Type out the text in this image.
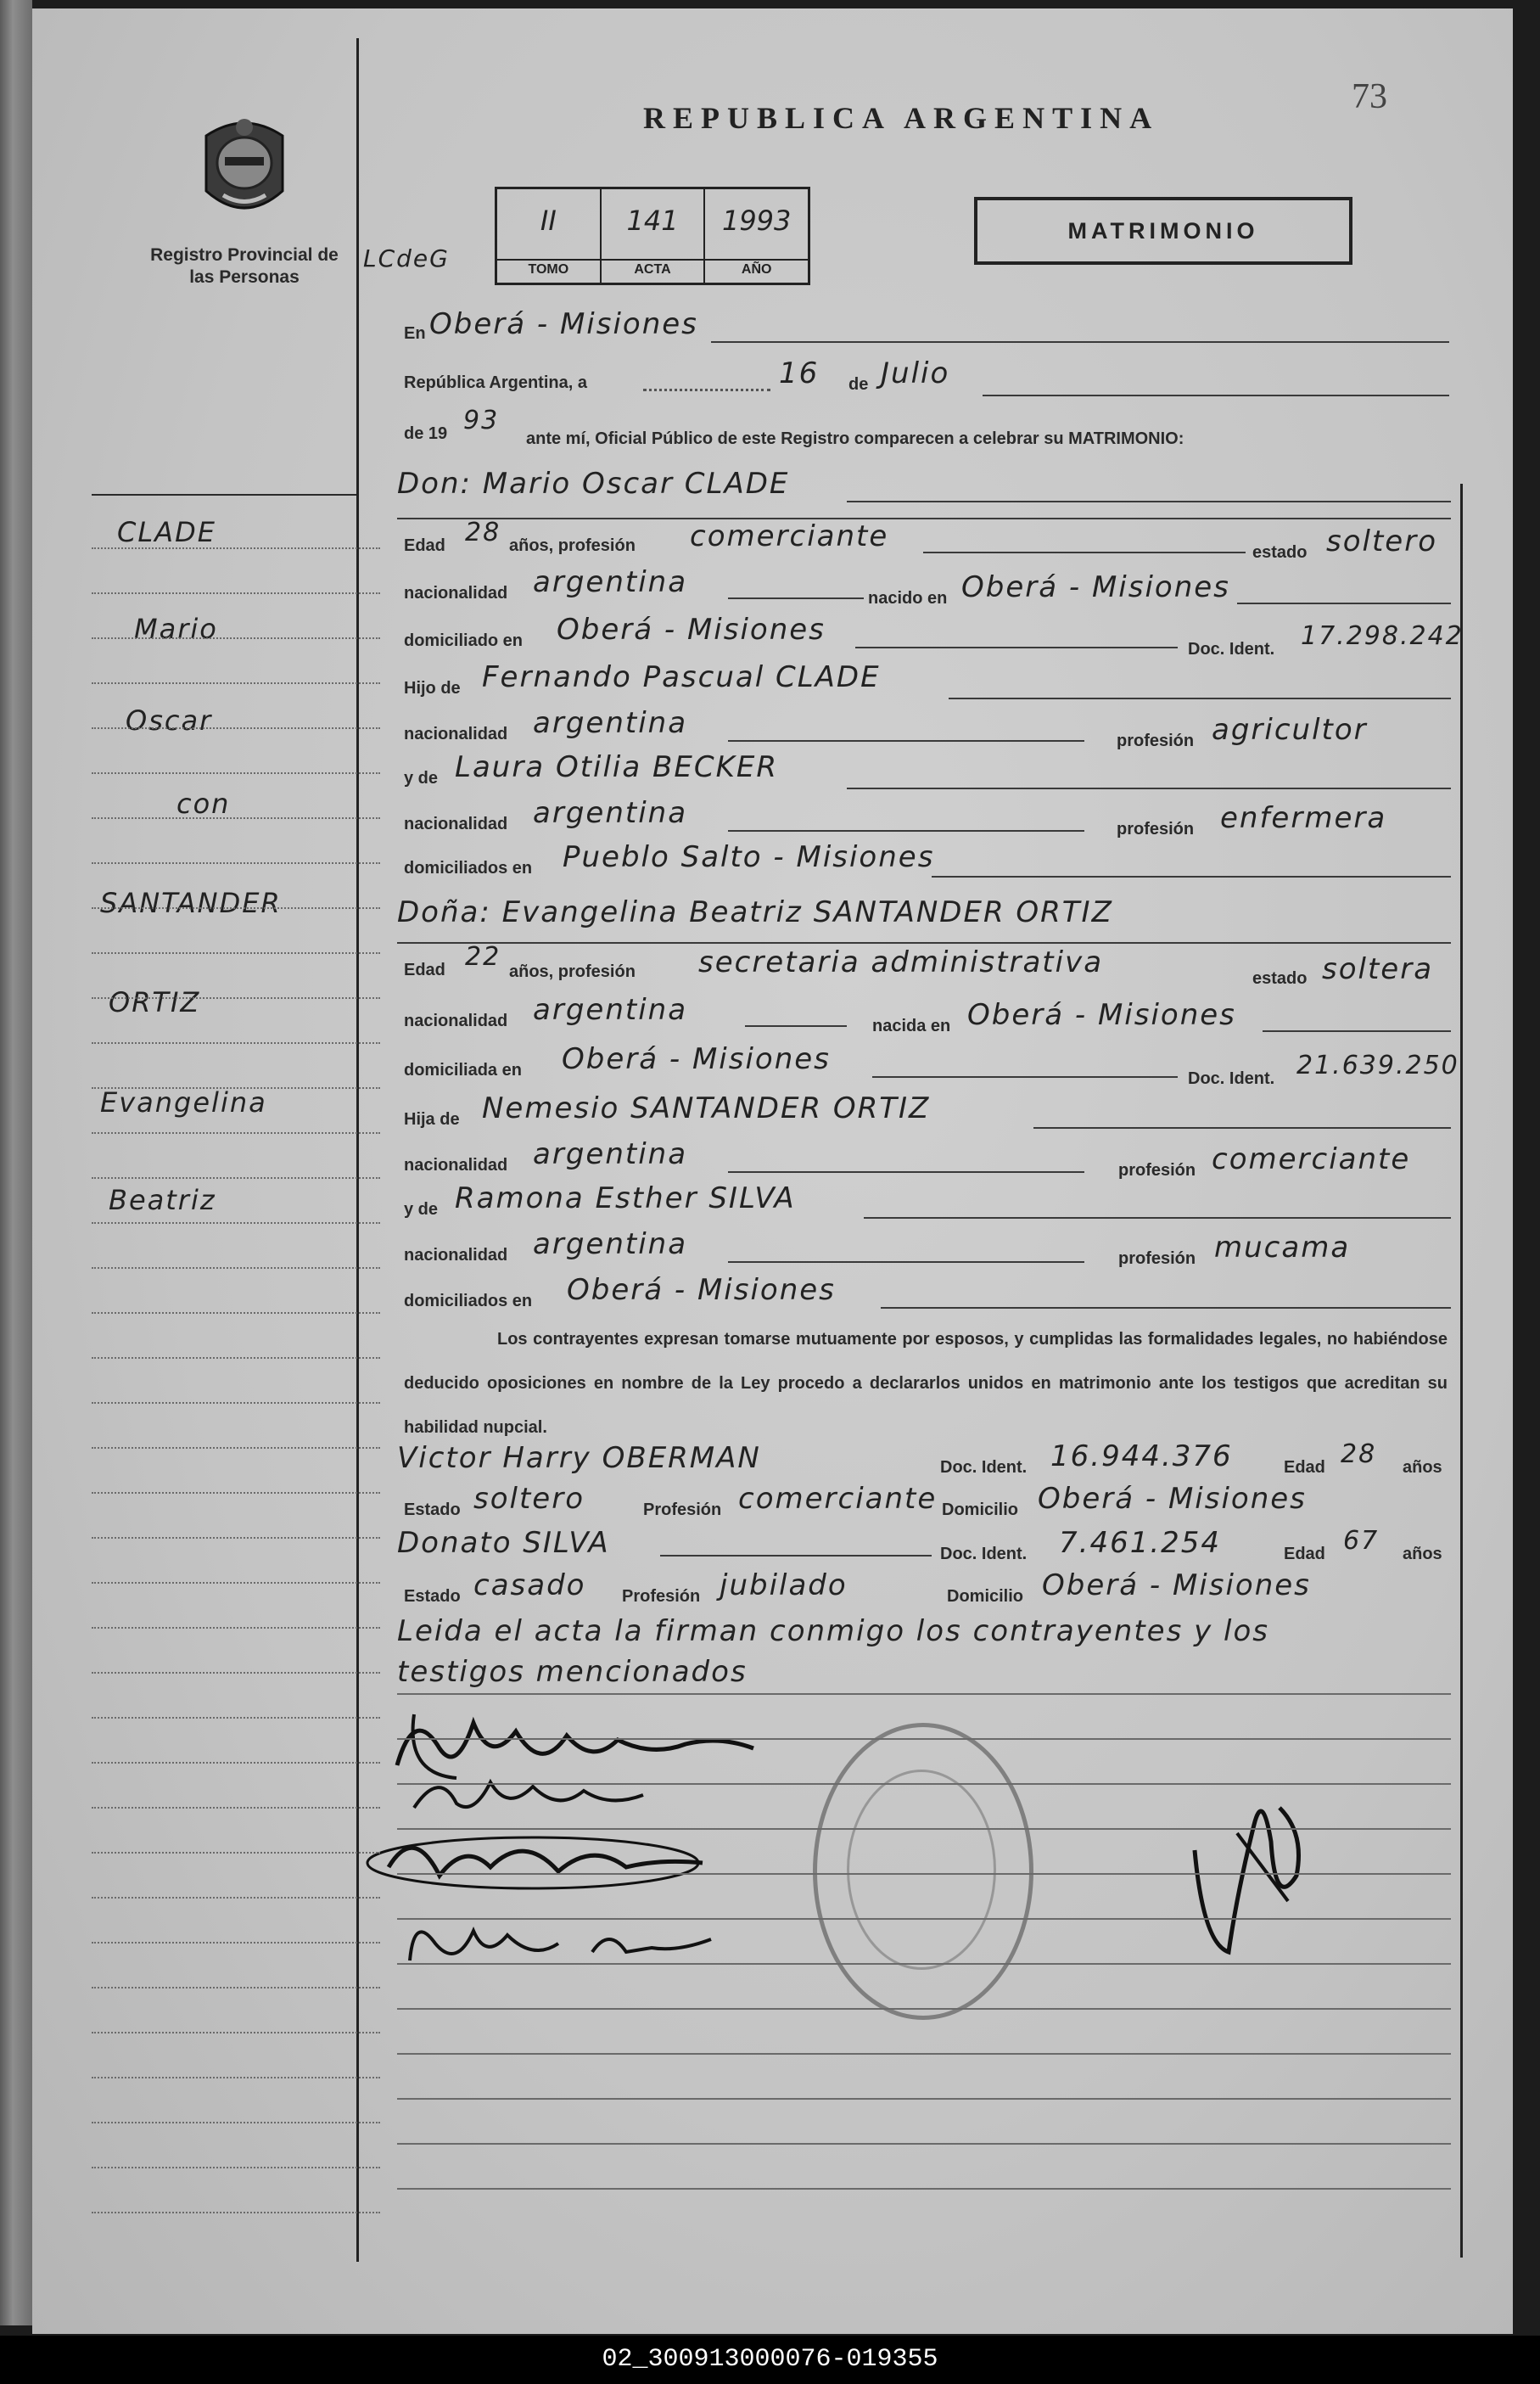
Registro Provincial de las Personas
73
REPUBLICA ARGENTINA
LCdeG
II
TOMO
141
ACTA
1993
AÑO
MATRIMONIO
En Oberá - Misiones
República Argentina, a	16 de Julio
de 19 93
ante mí, Oficial Público de este Registro comparecen a celebrar su MATRIMONIO:
Don: Mario Oscar CLADE
Edad 28 años, profesión comerciante	estado soltero
nacionalidad argentina	nacido en Oberá - Misiones
domiciliado en Oberá - Misiones
Doc. Ident. 17.298.242
Hijo de Fernando Pascual CLADE
nacionalidad argentina
profesión agricultor
y de Laura Otilia BECKER
nacionalidad argentina	profesión enfermera
domiciliados en Pueblo Salto - Misiones
Doña: Evangelina Beatriz SANTANDER ORTIZ
Edad 22 años, profesión secretaria administrativa	estado soltera
nacionalidad argentina	nacida en Oberá - Misiones
domiciliada en Oberá - Misiones
Doc. Ident. 21.639.250
Hija de Nemesio SANTANDER ORTIZ
nacionalidad argentina	profesión comerciante
y de Ramona Esther SILVA
nacionalidad argentina	profesión mucama
domiciliados en Oberá - Misiones
Los contrayentes expresan tomarse mutuamente por esposos, y cumplidas las formalidades legales, no habiéndose deducido oposiciones en nombre de la Ley procedo a declararlos unidos en matrimonio ante los testigos que acreditan su habilidad nupcial.
Victor Harry OBERMAN	Doc. Ident. 16.944.376	Edad 28 años
Estado soltero	Profesión comerciante Domicilio Oberá - Misiones
Donato SILVA	Doc. Ident. 7.461.254	Edad 67 años
Estado casado Profesión jubilado	Domicilio Oberá - Misiones
Leida el acta la firman conmigo los contrayentes y los
testigos mencionados
CLADE
Mario
Oscar
con
SANTANDER
ORTIZ
Evangelina
Beatriz
02_300913000076-019355
